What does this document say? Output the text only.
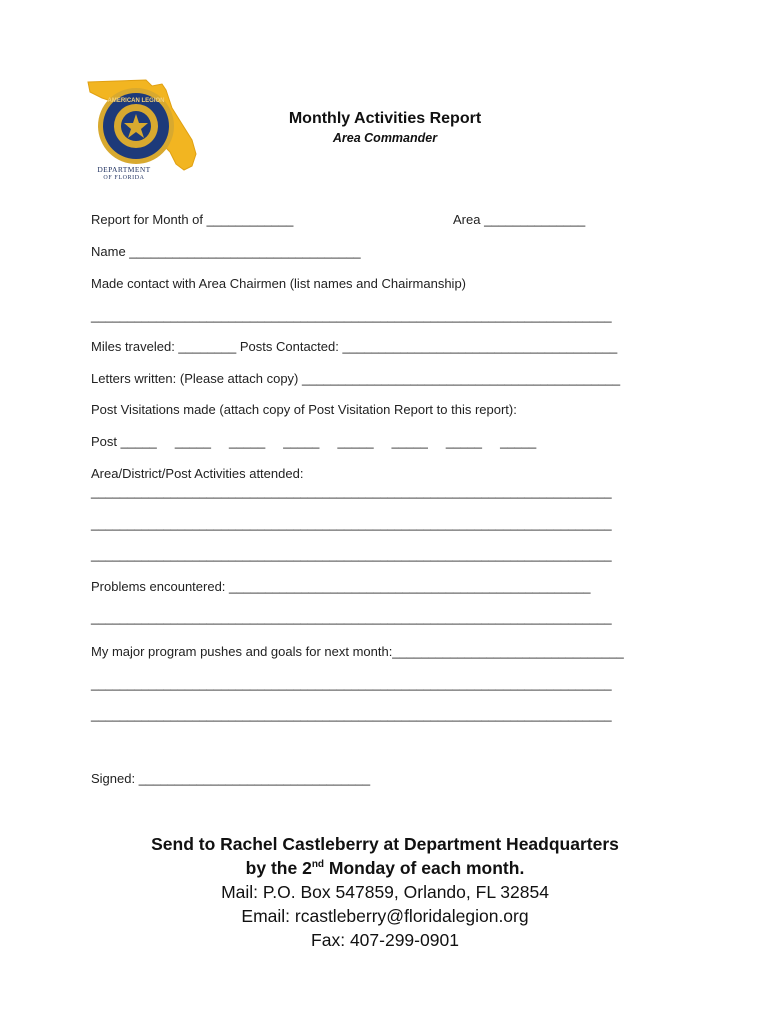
AMERICAN LEGION
DEPARTMENT
OF FLORIDA
Monthly Activities Report
Area Commander
Report for Month of ____________	Area ______________
Name ________________________________
Made contact with Area Chairmen (list names and Chairmanship)
________________________________________________________________________
Miles traveled: ________ Posts Contacted: ______________________________________
Letters written: (Please attach copy) ____________________________________________
Post Visitations made (attach copy of Post Visitation Report to this report):
Post _____     _____     _____     _____     _____     _____     _____     _____
Area/District/Post Activities attended:
________________________________________________________________________
________________________________________________________________________
________________________________________________________________________
Problems encountered: __________________________________________________
________________________________________________________________________
My major program pushes and goals for next month:________________________________
________________________________________________________________________
________________________________________________________________________
Signed: ________________________________
Send to Rachel Castleberry at Department Headquarters
by the 2nd Monday of each month.
Mail: P.O. Box 547859, Orlando, FL 32854
Email: rcastleberry@floridalegion.org
Fax: 407-299-0901
